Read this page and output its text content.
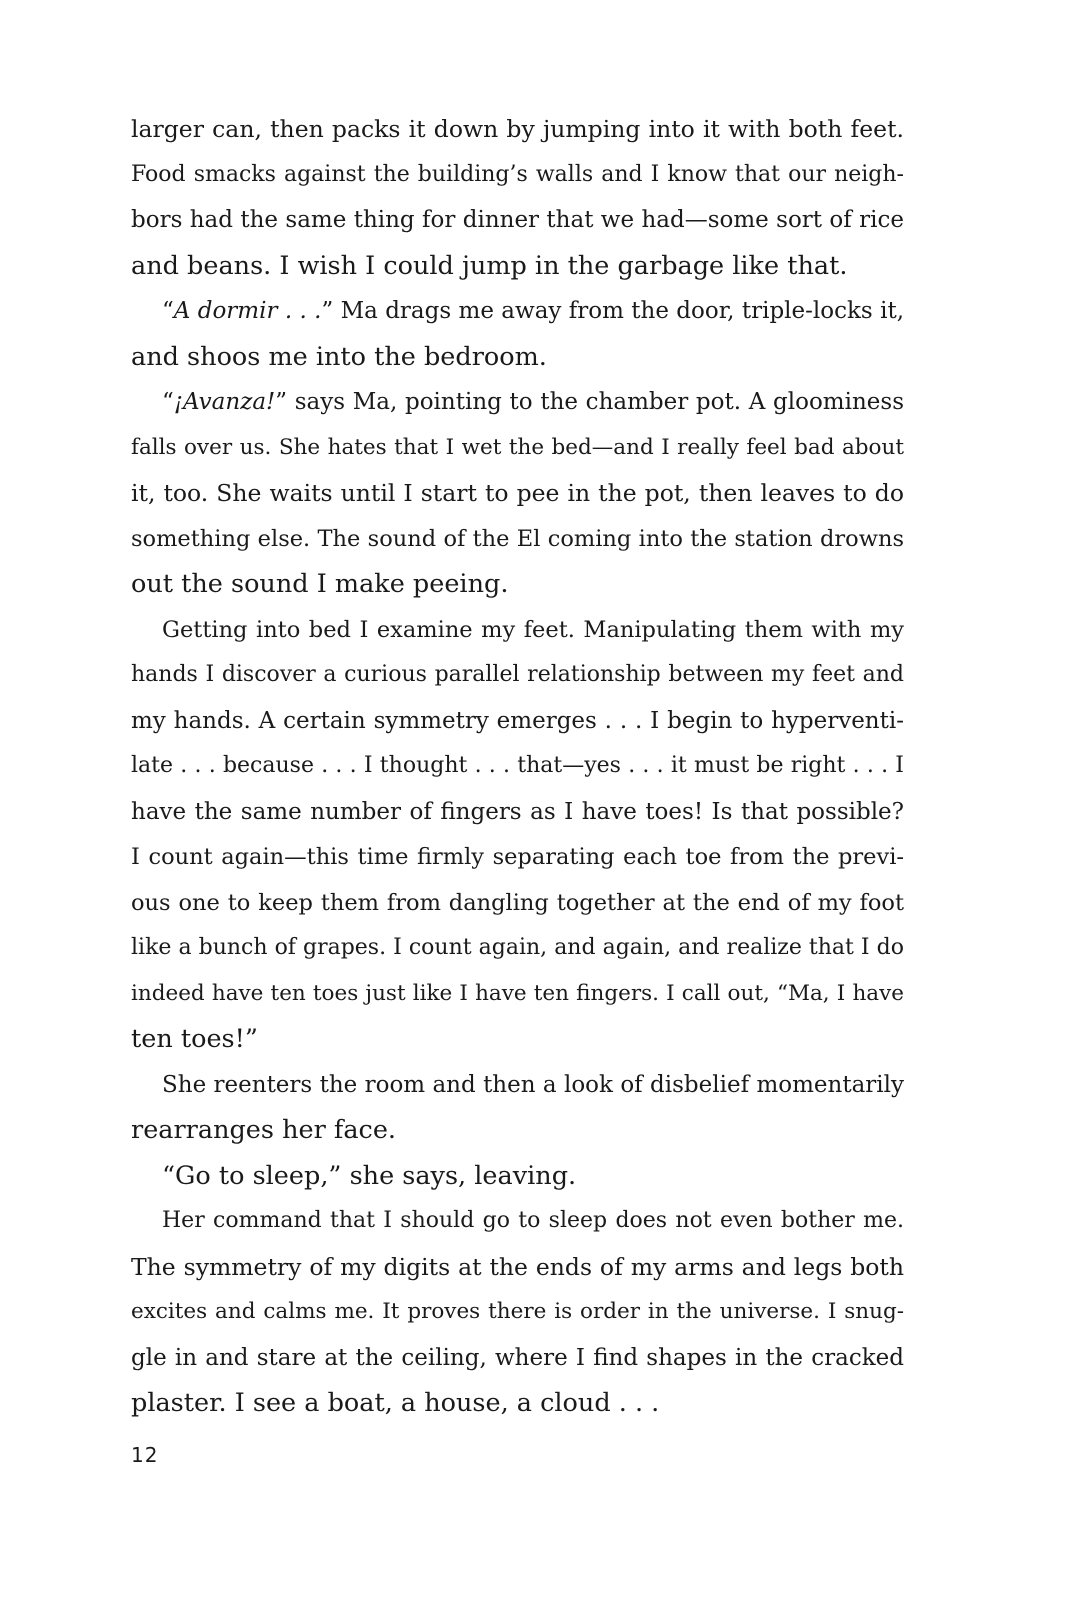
larger can, then packs it down by jumping into it with both feet.
Food smacks against the building’s walls and I know that our neigh-
bors had the same thing for dinner that we had—some sort of rice
and beans. I wish I could jump in the garbage like that.
“A dormir . . .” Ma drags me away from the door, triple-locks it,
and shoos me into the bedroom.
“¡Avanza!” says Ma, pointing to the chamber pot. A gloominess
falls over us. She hates that I wet the bed—and I really feel bad about
it, too. She waits until I start to pee in the pot, then leaves to do
something else. The sound of the El coming into the station drowns
out the sound I make peeing.
Getting into bed I examine my feet. Manipulating them with my
hands I discover a curious parallel relationship between my feet and
my hands. A certain symmetry emerges . . . I begin to hyperventi-
late . . . because . . . I thought . . . that—yes . . . it must be right . . . I
have the same number of fingers as I have toes! Is that possible?
I count again—this time firmly separating each toe from the previ-
ous one to keep them from dangling together at the end of my foot
like a bunch of grapes. I count again, and again, and realize that I do
indeed have ten toes just like I have ten fingers. I call out, “Ma, I have
ten toes!”
She reenters the room and then a look of disbelief momentarily
rearranges her face.
“Go to sleep,” she says, leaving.
Her command that I should go to sleep does not even bother me.
The symmetry of my digits at the ends of my arms and legs both
excites and calms me. It proves there is order in the universe. I snug-
gle in and stare at the ceiling, where I find shapes in the cracked
plaster. I see a boat, a house, a cloud . . .
12
